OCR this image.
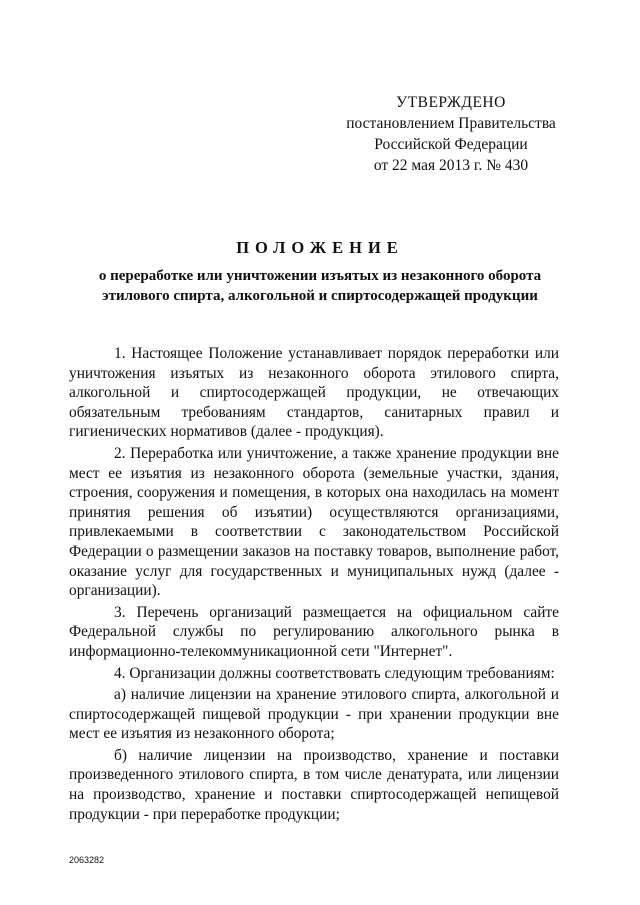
УТВЕРЖДЕНО
постановлением Правительства
Российской Федерации
от 22 мая 2013 г. № 430
ПОЛОЖЕНИЕ
о переработке или уничтожении изъятых из незаконного оборота
этилового спирта, алкогольной и спиртосодержащей продукции

1. Настоящее Положение устанавливает порядок переработки или уничтожения изъятых из незаконного оборота этилового спирта, алкогольной и спиртосодержащей продукции, не отвечающих обязательным требованиям стандартов, санитарных правил и гигиенических нормативов (далее - продукция).

2. Переработка или уничтожение, а также хранение продукции вне мест ее изъятия из незаконного оборота (земельные участки, здания, строения, сооружения и помещения, в которых она находилась на момент принятия решения об изъятии) осуществляются организациями, привлекаемыми в соответствии с законодательством Российской Федерации о размещении заказов на поставку товаров, выполнение работ, оказание услуг для государственных и муниципальных нужд (далее - организации).

3. Перечень организаций размещается на официальном сайте Федеральной службы по регулированию алкогольного рынка в информационно-телекоммуникационной сети "Интернет".

4. Организации должны соответствовать следующим требованиям:

а) наличие лицензии на хранение этилового спирта, алкогольной и спиртосодержащей пищевой продукции - при хранении продукции вне мест ее изъятия из незаконного оборота;

б) наличие лицензии на производство, хранение и поставки произведенного этилового спирта, в том числе денатурата, или лицензии на производство, хранение и поставки спиртосодержащей непищевой продукции - при переработке продукции;

2063282
